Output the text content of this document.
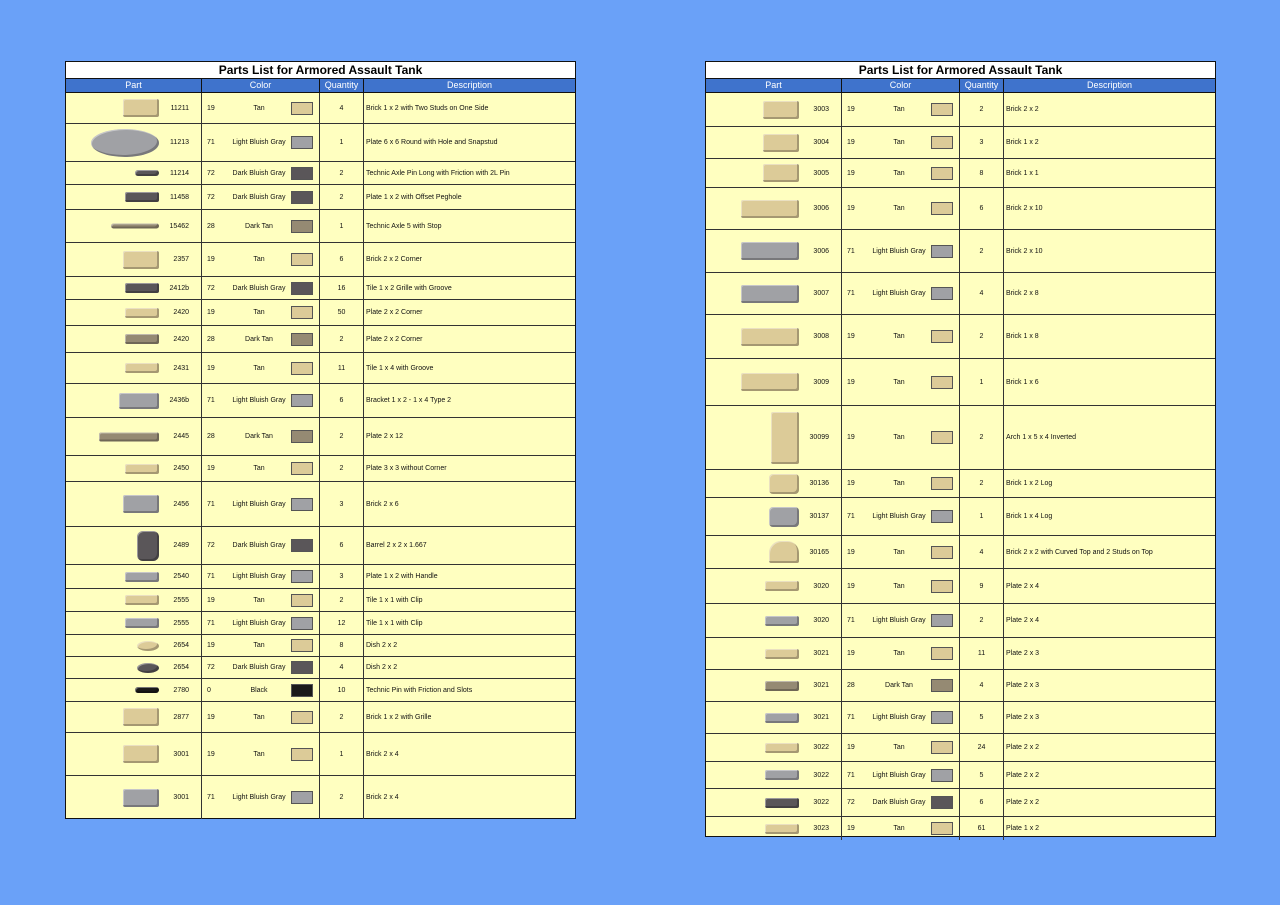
Parts List for Armored Assault Tank
Part	Color	Quantity	Description
11211	19	Tan	4	Brick 1 x 2 with Two Studs on One Side
11213	71	Light Bluish Gray	1	Plate 6 x 6 Round with Hole and Snapstud
11214	72	Dark Bluish Gray	2	Technic Axle Pin Long with Friction with 2L Pin
11458	72	Dark Bluish Gray	2	Plate 1 x 2 with Offset Peghole
15462	28	Dark Tan	1	Technic Axle 5 with Stop
2357	19	Tan	6	Brick 2 x 2 Corner
2412b	72	Dark Bluish Gray	16	Tile 1 x 2 Grille with Groove
2420	19	Tan	50	Plate 2 x 2 Corner
2420	28	Dark Tan	2	Plate 2 x 2 Corner
2431	19	Tan	11	Tile 1 x 4 with Groove
2436b	71	Light Bluish Gray	6	Bracket 1 x 2 - 1 x 4 Type 2
2445	28	Dark Tan	2	Plate 2 x 12
2450	19	Tan	2	Plate 3 x 3 without Corner
2456	71	Light Bluish Gray	3	Brick 2 x 6
2489	72	Dark Bluish Gray	6	Barrel 2 x 2 x 1.667
2540	71	Light Bluish Gray	3	Plate 1 x 2 with Handle
2555	19	Tan	2	Tile 1 x 1 with Clip
2555	71	Light Bluish Gray	12	Tile 1 x 1 with Clip
2654	19	Tan	8	Dish 2 x 2
2654	72	Dark Bluish Gray	4	Dish 2 x 2
2780	0	Black	10	Technic Pin with Friction and Slots
2877	19	Tan	2	Brick 1 x 2 with Grille
3001	19	Tan	1	Brick 2 x 4
3001	71	Light Bluish Gray	2	Brick 2 x 4
Parts List for Armored Assault Tank
Part	Color	Quantity	Description
3003	19	Tan	2	Brick 2 x 2
3004	19	Tan	3	Brick 1 x 2
3005	19	Tan	8	Brick 1 x 1
3006	19	Tan	6	Brick 2 x 10
3006	71	Light Bluish Gray	2	Brick 2 x 10
3007	71	Light Bluish Gray	4	Brick 2 x 8
3008	19	Tan	2	Brick 1 x 8
3009	19	Tan	1	Brick 1 x 6
30099	19	Tan	2	Arch 1 x 5 x 4 Inverted
30136	19	Tan	2	Brick 1 x 2 Log
30137	71	Light Bluish Gray	1	Brick 1 x 4 Log
30165	19	Tan	4	Brick 2 x 2 with Curved Top and 2 Studs on Top
3020	19	Tan	9	Plate 2 x 4
3020	71	Light Bluish Gray	2	Plate 2 x 4
3021	19	Tan	11	Plate 2 x 3
3021	28	Dark Tan	4	Plate 2 x 3
3021	71	Light Bluish Gray	5	Plate 2 x 3
3022	19	Tan	24	Plate 2 x 2
3022	71	Light Bluish Gray	5	Plate 2 x 2
3022	72	Dark Bluish Gray	6	Plate 2 x 2
3023	19	Tan	61	Plate 1 x 2
